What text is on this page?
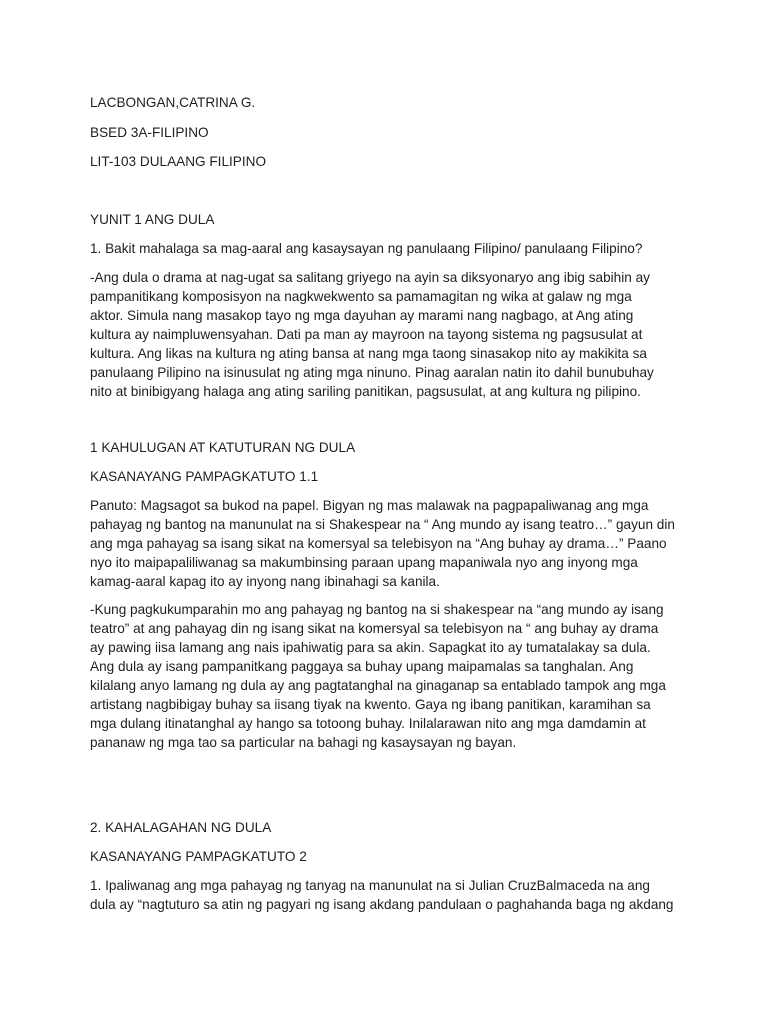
LACBONGAN,CATRINA G.

BSED 3A-FILIPINO

LIT-103 DULAANG FILIPINO

YUNIT 1 ANG DULA

1. Bakit mahalaga sa mag-aaral ang kasaysayan ng panulaang Filipino/ panulaang Filipino?

-Ang dula o drama at nag-ugat sa salitang griyego na ayin sa diksyonaryo ang ibig sabihin ay
pampanitikang komposisyon na nagkwekwento sa pamamagitan ng wika at galaw ng mga
aktor. Simula nang masakop tayo ng mga dayuhan ay marami nang nagbago, at Ang ating
kultura ay naimpluwensyahan. Dati pa man ay mayroon na tayong sistema ng pagsusulat at
kultura. Ang likas na kultura ng ating bansa at nang mga taong sinasakop nito ay makikita sa
panulaang Pilipino na isinusulat ng ating mga ninuno. Pinag aaralan natin ito dahil bunubuhay
nito at binibigyang halaga ang ating sariling panitikan, pagsusulat, at ang kultura ng pilipino.

1 KAHULUGAN AT KATUTURAN NG DULA

KASANAYANG PAMPAGKATUTO 1.1

Panuto: Magsagot sa bukod na papel. Bigyan ng mas malawak na pagpapaliwanag ang mga
pahayag ng bantog na manunulat na si Shakespear na “ Ang mundo ay isang teatro…” gayun din
ang mga pahayag sa isang sikat na komersyal sa telebisyon na “Ang buhay ay drama…” Paano
nyo ito maipapaliliwanag sa makumbinsing paraan upang mapaniwala nyo ang inyong mga
kamag-aaral kapag ito ay inyong nang ibinahagi sa kanila.
-Kung pagkukumparahin mo ang pahayag ng bantog na si shakespear na “ang mundo ay isang
teatro” at ang pahayag din ng isang sikat na komersyal sa telebisyon na “ ang buhay ay drama
ay pawing iisa lamang ang nais ipahiwatig para sa akin. Sapagkat ito ay tumatalakay sa dula.
Ang dula ay isang pampanitkang paggaya sa buhay upang maipamalas sa tanghalan. Ang
kilalang anyo lamang ng dula ay ang pagtatanghal na ginaganap sa entablado tampok ang mga
artistang nagbibigay buhay sa iisang tiyak na kwento. Gaya ng ibang panitikan, karamihan sa
mga dulang itinatanghal ay hango sa totoong buhay. Inilalarawan nito ang mga damdamin at
pananaw ng mga tao sa particular na bahagi ng kasaysayan ng bayan.

2. KAHALAGAHAN NG DULA

KASANAYANG PAMPAGKATUTO 2

1. Ipaliwanag ang mga pahayag ng tanyag na manunulat na si Julian CruzBalmaceda na ang
dula ay “nagtuturo sa atin ng pagyari ng isang akdang pandulaan o paghahanda baga ng akdang
